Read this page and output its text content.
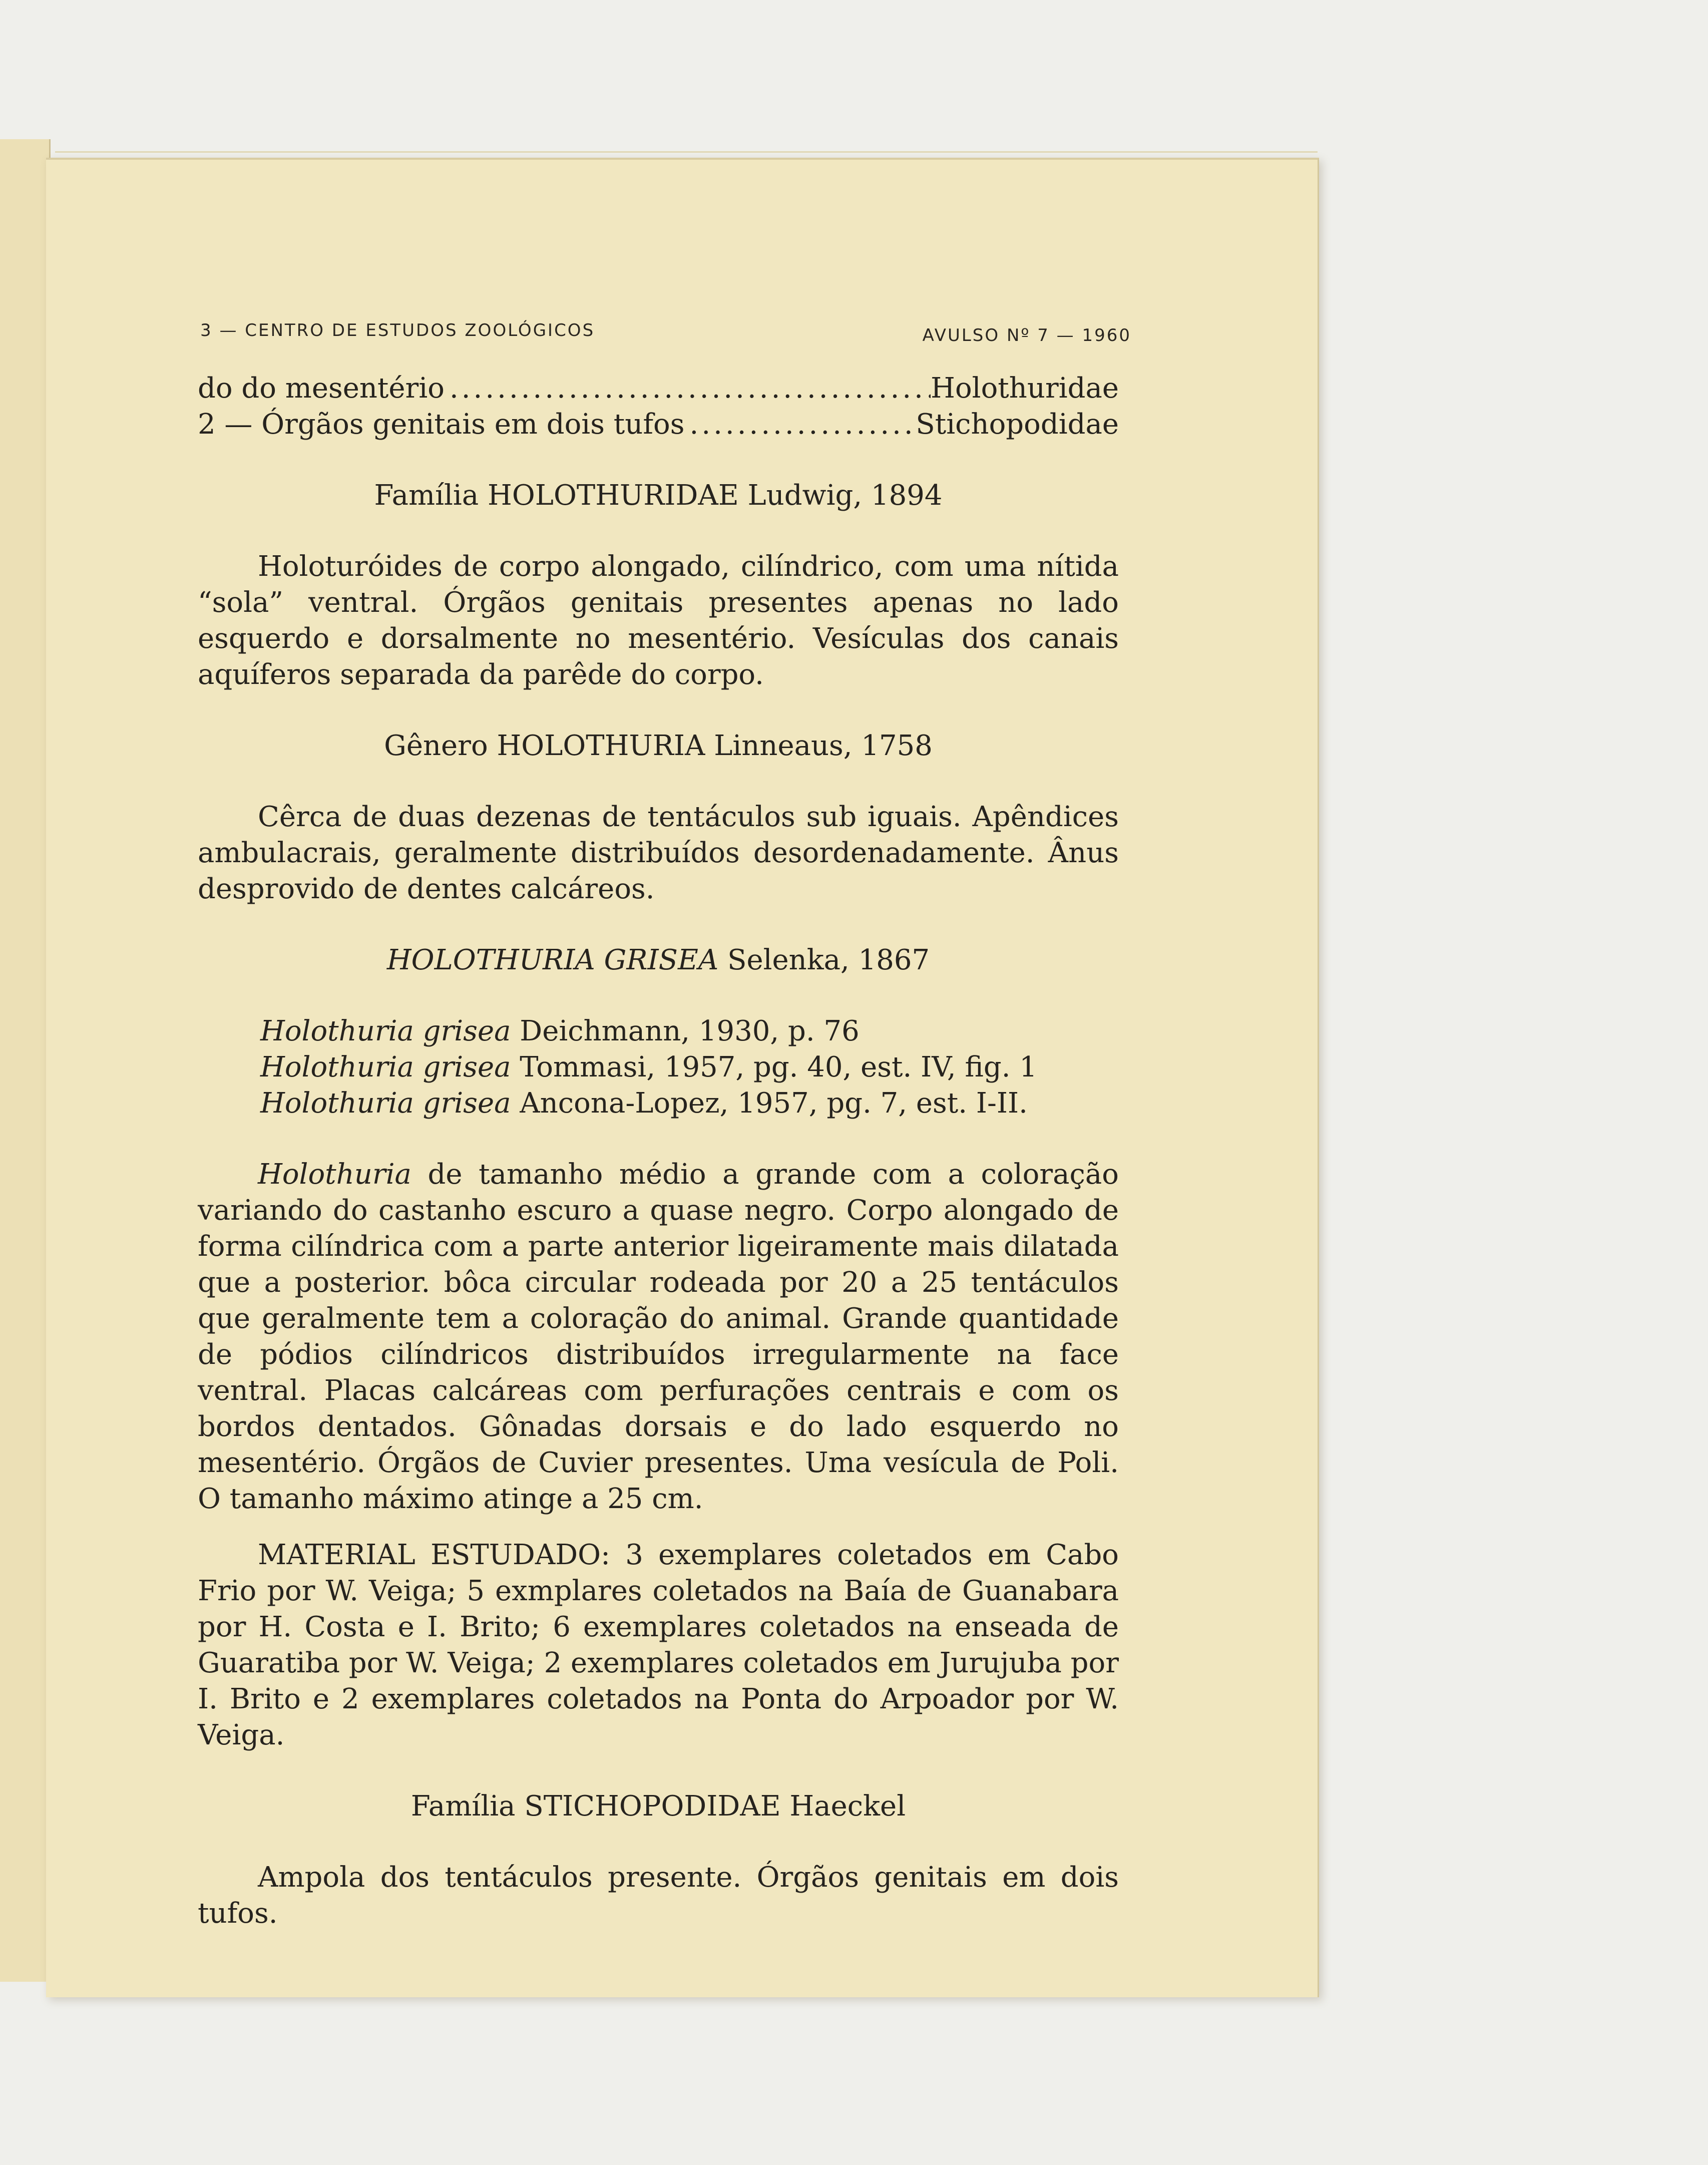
3 — CENTRO DE ESTUDOS ZOOLÓGICOS	AVULSO Nº 7 — 1960
do do mesentério .....	Holothuridae
2 — Órgãos genitais em dois tufos .....	Stichopodidae

Família HOLOTHURIDAE Ludwig, 1894

Holoturóides de corpo alongado, cilíndrico, com uma nítida “sola” ventral. Órgãos genitais presentes apenas no lado esquerdo e dorsalmente no mesentério. Vesículas dos canais aquíferos separada da parêde do corpo.

Gênero HOLOTHURIA Linneaus, 1758

Cêrca de duas dezenas de tentáculos sub iguais. Apêndices ambulacrais, geralmente distribuídos desordenadamente. Ânus desprovido de dentes calcáreos.

HOLOTHURIA GRISEA Selenka, 1867

Holothuria grisea Deichmann, 1930, p. 76
Holothuria grisea Tommasi, 1957, pg. 40, est. IV, fig. 1
Holothuria grisea Ancona-Lopez, 1957, pg. 7, est. I-II.

Holothuria de tamanho médio a grande com a coloração variando do castanho escuro a quase negro. Corpo alongado de forma cilíndrica com a parte anterior ligeiramente mais dilatada que a posterior. bôca circular rodeada por 20 a 25 tentáculos que geralmente tem a coloração do animal. Grande quantidade de pódios cilíndricos distribuídos irregularmente na face ventral. Placas calcáreas com perfurações centrais e com os bordos dentados. Gônadas dorsais e do lado esquerdo no mesentério. Órgãos de Cuvier presentes. Uma vesícula de Poli. O tamanho máximo atinge a 25 cm.

MATERIAL ESTUDADO: 3 exemplares coletados em Cabo Frio por W. Veiga; 5 exmplares coletados na Baía de Guanabara por H. Costa e I. Brito; 6 exemplares coletados na enseada de Guaratiba por W. Veiga; 2 exemplares coletados em Jurujuba por I. Brito e 2 exemplares coletados na Ponta do Arpoador por W. Veiga.

Família STICHOPODIDAE Haeckel

Ampola dos tentáculos presente. Órgãos genitais em dois tufos.
